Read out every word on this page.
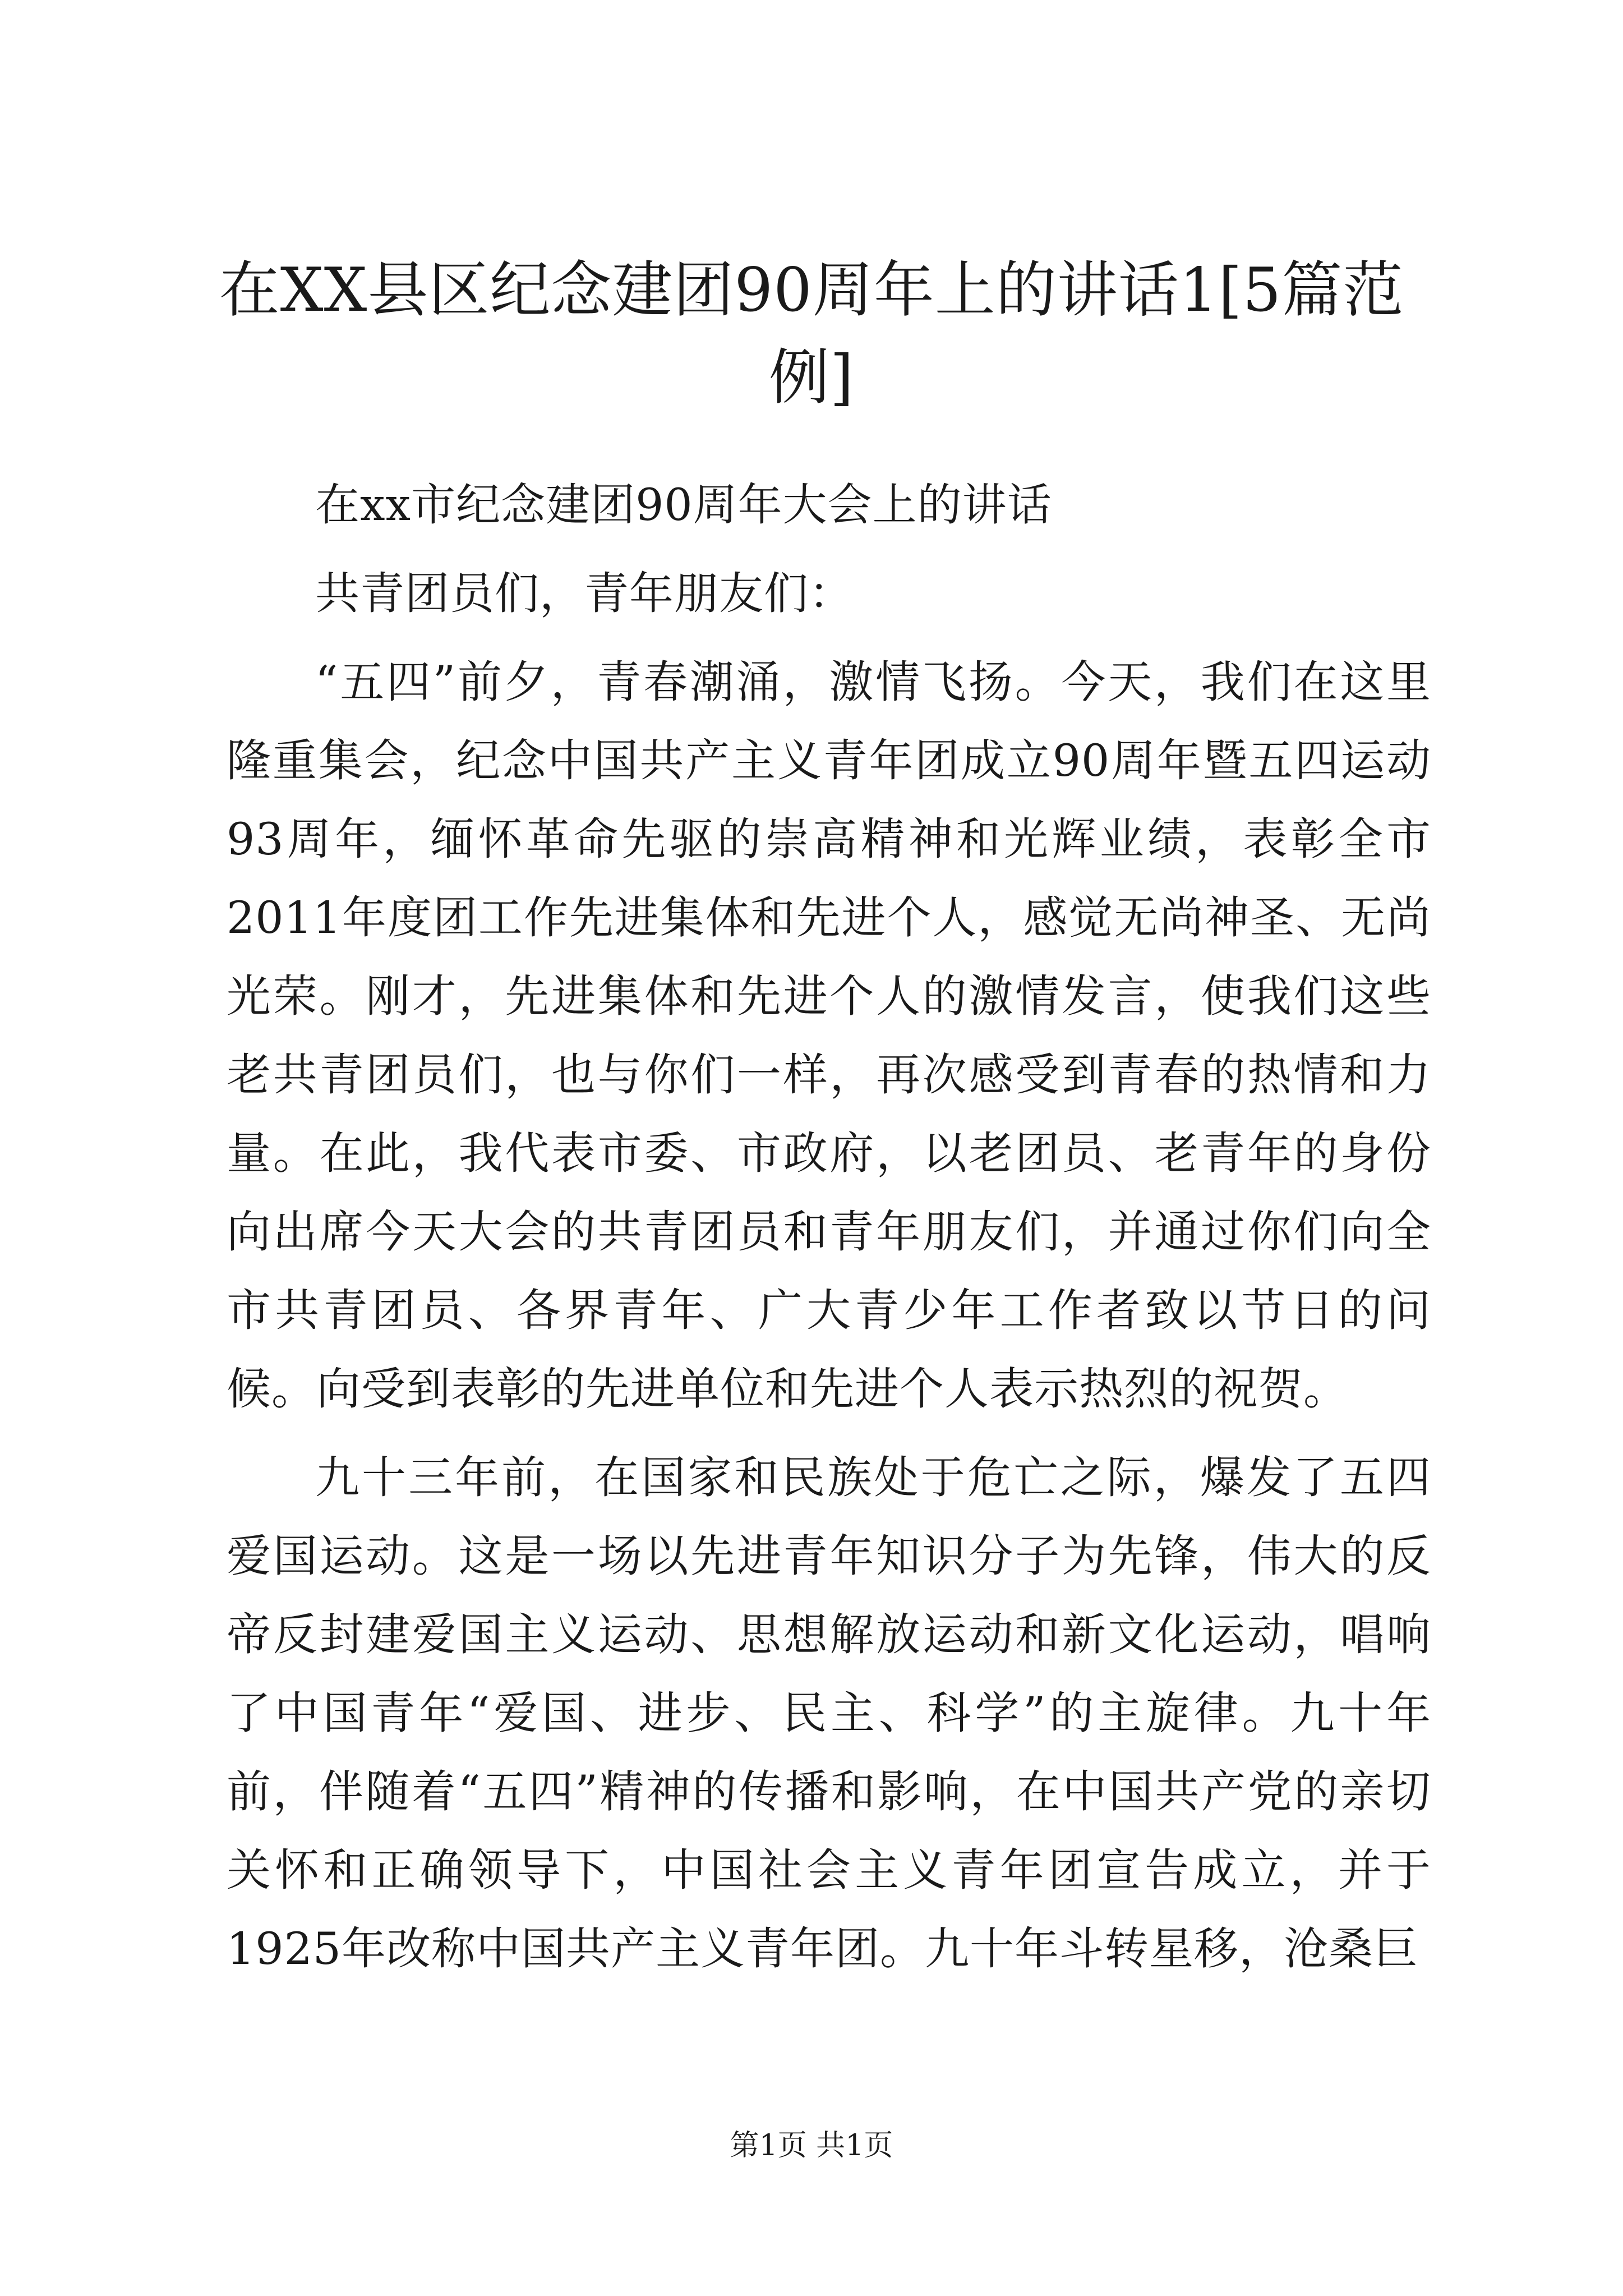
在XX县区纪念建团90周年上的讲话1[5篇范例]

在xx市纪念建团90周年大会上的讲话

共青团员们，青年朋友们：

“五四”前夕，青春潮涌，激情飞扬。今天，我们在这里隆重集会，纪念中国共产主义青年团成立90周年暨五四运动93周年，缅怀革命先驱的崇高精神和光辉业绩，表彰全市2011年度团工作先进集体和先进个人，感觉无尚神圣、无尚光荣。刚才，先进集体和先进个人的激情发言，使我们这些老共青团员们，也与你们一样，再次感受到青春的热情和力量。在此，我代表市委、市政府，以老团员、老青年的身份向出席今天大会的共青团员和青年朋友们，并通过你们向全市共青团员、各界青年、广大青少年工作者致以节日的问候。向受到表彰的先进单位和先进个人表示热烈的祝贺。

九十三年前，在国家和民族处于危亡之际，爆发了五四爱国运动。这是一场以先进青年知识分子为先锋，伟大的反帝反封建爱国主义运动、思想解放运动和新文化运动，唱响了中国青年“爱国、进步、民主、科学”的主旋律。九十年前，伴随着“五四”精神的传播和影响，在中国共产党的亲切关怀和正确领导下，中国社会主义青年团宣告成立，并于1925年改称中国共产主义青年团。九十年斗转星移，沧桑巨

第1页 共1页
